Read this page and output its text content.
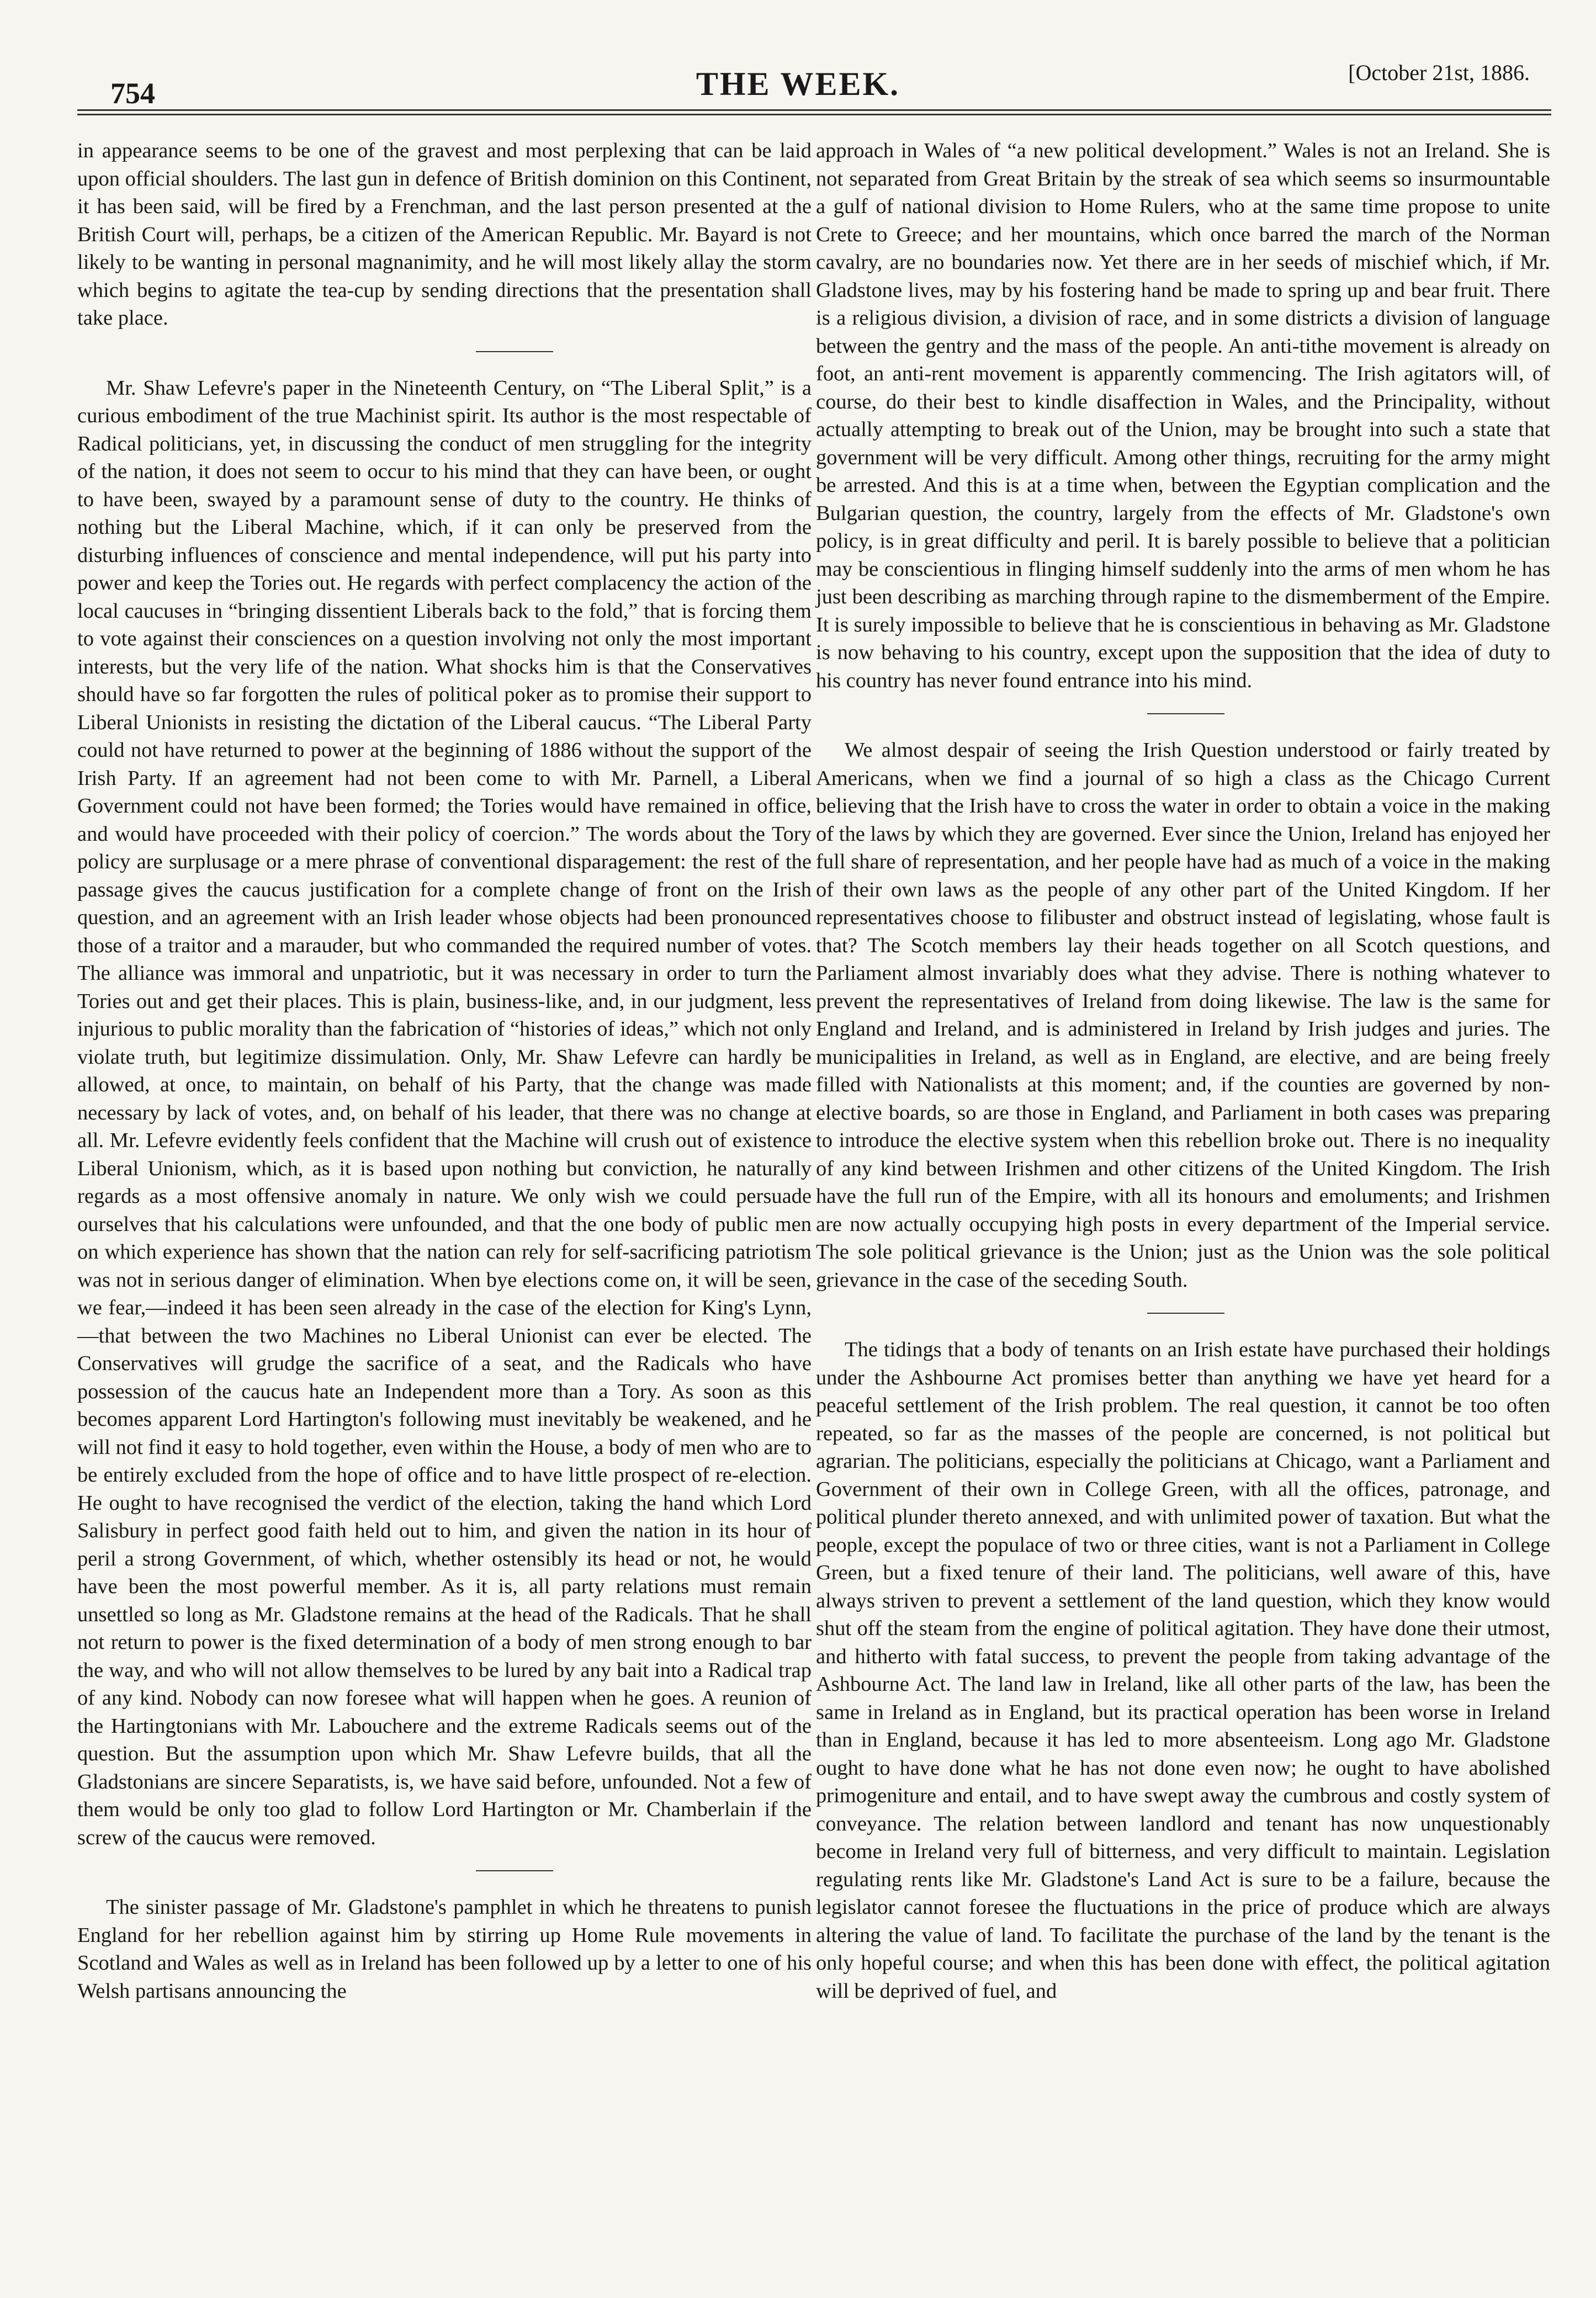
754	THE WEEK.	[October 21st, 1886.

in appearance seems to be one of the gravest and most perplexing that can be laid upon official shoulders. The last gun in defence of British dominion on this Continent, it has been said, will be fired by a Frenchman, and the last person presented at the British Court will, perhaps, be a citizen of the American Republic. Mr. Bayard is not likely to be wanting in personal magnanimity, and he will most likely allay the storm which begins to agitate the tea-cup by sending directions that the presentation shall take place.

Mr. Shaw Lefevre's paper in the Nineteenth Century, on “The Liberal Split,” is a curious embodiment of the true Machinist spirit. Its author is the most respectable of Radical politicians, yet, in discussing the conduct of men struggling for the integrity of the nation, it does not seem to occur to his mind that they can have been, or ought to have been, swayed by a paramount sense of duty to the country. He thinks of nothing but the Liberal Machine, which, if it can only be preserved from the disturbing influences of conscience and mental independence, will put his party into power and keep the Tories out. He regards with perfect complacency the action of the local caucuses in “bringing dissentient Liberals back to the fold,” that is forcing them to vote against their consciences on a question involving not only the most important interests, but the very life of the nation. What shocks him is that the Conservatives should have so far forgotten the rules of political poker as to promise their support to Liberal Unionists in resisting the dictation of the Liberal caucus. “The Liberal Party could not have returned to power at the beginning of 1886 without the support of the Irish Party. If an agreement had not been come to with Mr. Parnell, a Liberal Government could not have been formed; the Tories would have remained in office, and would have proceeded with their policy of coercion.” The words about the Tory policy are surplusage or a mere phrase of conventional disparagement: the rest of the passage gives the caucus justification for a complete change of front on the Irish question, and an agreement with an Irish leader whose objects had been pronounced those of a traitor and a marauder, but who commanded the required number of votes. The alliance was immoral and unpatriotic, but it was necessary in order to turn the Tories out and get their places. This is plain, business-like, and, in our judgment, less injurious to public morality than the fabrication of “histories of ideas,” which not only violate truth, but legitimize dissimulation. Only, Mr. Shaw Lefevre can hardly be allowed, at once, to maintain, on behalf of his Party, that the change was made necessary by lack of votes, and, on behalf of his leader, that there was no change at all. Mr. Lefevre evidently feels confident that the Machine will crush out of existence Liberal Unionism, which, as it is based upon nothing but conviction, he naturally regards as a most offensive anomaly in nature. We only wish we could persuade ourselves that his calculations were unfounded, and that the one body of public men on which experience has shown that the nation can rely for self-sacrificing patriotism was not in serious danger of elimination. When bye elections come on, it will be seen, we fear,—indeed it has been seen already in the case of the election for King's Lynn,—that between the two Machines no Liberal Unionist can ever be elected. The Conservatives will grudge the sacrifice of a seat, and the Radicals who have possession of the caucus hate an Independent more than a Tory. As soon as this becomes apparent Lord Hartington's following must inevitably be weakened, and he will not find it easy to hold together, even within the House, a body of men who are to be entirely excluded from the hope of office and to have little prospect of re-election. He ought to have recognised the verdict of the election, taking the hand which Lord Salisbury in perfect good faith held out to him, and given the nation in its hour of peril a strong Government, of which, whether ostensibly its head or not, he would have been the most powerful member. As it is, all party relations must remain unsettled so long as Mr. Gladstone remains at the head of the Radicals. That he shall not return to power is the fixed determination of a body of men strong enough to bar the way, and who will not allow themselves to be lured by any bait into a Radical trap of any kind. Nobody can now foresee what will happen when he goes. A reunion of the Hartingtonians with Mr. Labouchere and the extreme Radicals seems out of the question. But the assumption upon which Mr. Shaw Lefevre builds, that all the Gladstonians are sincere Separatists, is, we have said before, unfounded. Not a few of them would be only too glad to follow Lord Hartington or Mr. Chamberlain if the screw of the caucus were removed.

The sinister passage of Mr. Gladstone's pamphlet in which he threatens to punish England for her rebellion against him by stirring up Home Rule movements in Scotland and Wales as well as in Ireland has been followed up by a letter to one of his Welsh partisans announcing the

approach in Wales of “a new political development.” Wales is not an Ireland. She is not separated from Great Britain by the streak of sea which seems so insurmountable a gulf of national division to Home Rulers, who at the same time propose to unite Crete to Greece; and her mountains, which once barred the march of the Norman cavalry, are no boundaries now. Yet there are in her seeds of mischief which, if Mr. Gladstone lives, may by his fostering hand be made to spring up and bear fruit. There is a religious division, a division of race, and in some districts a division of language between the gentry and the mass of the people. An anti-tithe movement is already on foot, an anti-rent movement is apparently commencing. The Irish agitators will, of course, do their best to kindle disaffection in Wales, and the Principality, without actually attempting to break out of the Union, may be brought into such a state that government will be very difficult. Among other things, recruiting for the army might be arrested. And this is at a time when, between the Egyptian complication and the Bulgarian question, the country, largely from the effects of Mr. Gladstone's own policy, is in great difficulty and peril. It is barely possible to believe that a politician may be conscientious in flinging himself suddenly into the arms of men whom he has just been describing as marching through rapine to the dismemberment of the Empire. It is surely impossible to believe that he is conscientious in behaving as Mr. Gladstone is now behaving to his country, except upon the supposition that the idea of duty to his country has never found entrance into his mind.

We almost despair of seeing the Irish Question understood or fairly treated by Americans, when we find a journal of so high a class as the Chicago Current believing that the Irish have to cross the water in order to obtain a voice in the making of the laws by which they are governed. Ever since the Union, Ireland has enjoyed her full share of representation, and her people have had as much of a voice in the making of their own laws as the people of any other part of the United Kingdom. If her representatives choose to filibuster and obstruct instead of legislating, whose fault is that? The Scotch members lay their heads together on all Scotch questions, and Parliament almost invariably does what they advise. There is nothing whatever to prevent the representatives of Ireland from doing likewise. The law is the same for England and Ireland, and is administered in Ireland by Irish judges and juries. The municipalities in Ireland, as well as in England, are elective, and are being freely filled with Nationalists at this moment; and, if the counties are governed by non-elective boards, so are those in England, and Parliament in both cases was preparing to introduce the elective system when this rebellion broke out. There is no inequality of any kind between Irishmen and other citizens of the United Kingdom. The Irish have the full run of the Empire, with all its honours and emoluments; and Irishmen are now actually occupying high posts in every department of the Imperial service. The sole political grievance is the Union; just as the Union was the sole political grievance in the case of the seceding South.

The tidings that a body of tenants on an Irish estate have purchased their holdings under the Ashbourne Act promises better than anything we have yet heard for a peaceful settlement of the Irish problem. The real question, it cannot be too often repeated, so far as the masses of the people are concerned, is not political but agrarian. The politicians, especially the politicians at Chicago, want a Parliament and Government of their own in College Green, with all the offices, patronage, and political plunder thereto annexed, and with unlimited power of taxation. But what the people, except the populace of two or three cities, want is not a Parliament in College Green, but a fixed tenure of their land. The politicians, well aware of this, have always striven to prevent a settlement of the land question, which they know would shut off the steam from the engine of political agitation. They have done their utmost, and hitherto with fatal success, to prevent the people from taking advantage of the Ashbourne Act. The land law in Ireland, like all other parts of the law, has been the same in Ireland as in England, but its practical operation has been worse in Ireland than in England, because it has led to more absenteeism. Long ago Mr. Gladstone ought to have done what he has not done even now; he ought to have abolished primogeniture and entail, and to have swept away the cumbrous and costly system of conveyance. The relation between landlord and tenant has now unquestionably become in Ireland very full of bitterness, and very difficult to maintain. Legislation regulating rents like Mr. Gladstone's Land Act is sure to be a failure, because the legislator cannot foresee the fluctuations in the price of produce which are always altering the value of land. To facilitate the purchase of the land by the tenant is the only hopeful course; and when this has been done with effect, the political agitation will be deprived of fuel, and
